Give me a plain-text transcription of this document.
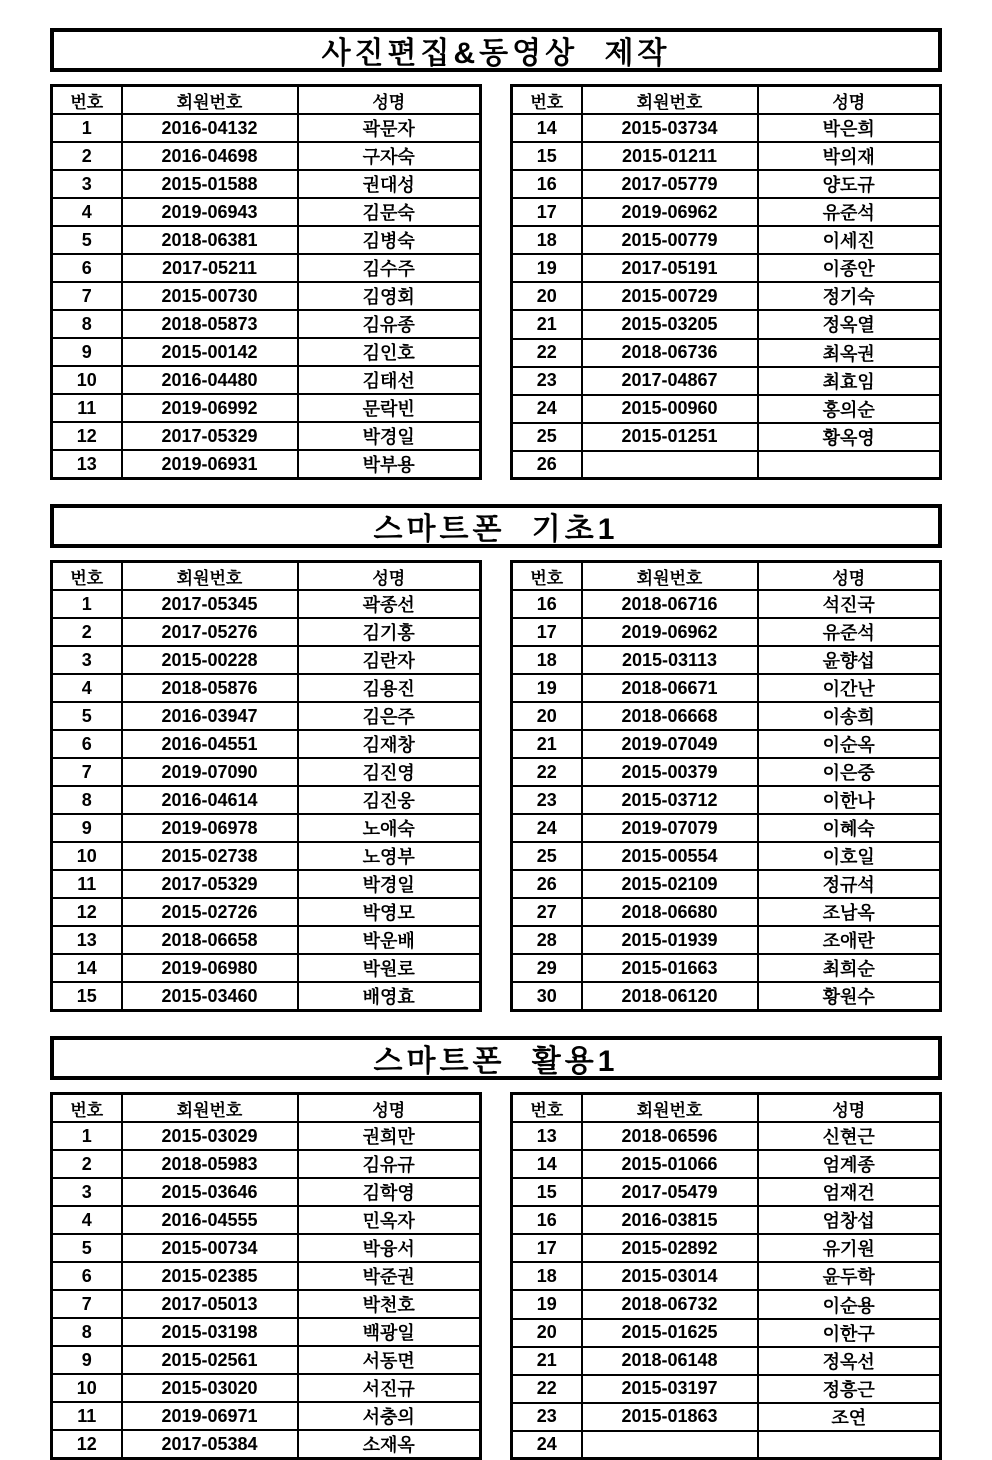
사진편집&동영상 제작
번호	회원번호	성명
1	2016-04132	곽문자
2	2016-04698	구자숙
3	2015-01588	권대성
4	2019-06943	김문숙
5	2018-06381	김병숙
6	2017-05211	김수주
7	2015-00730	김영회
8	2018-05873	김유종
9	2015-00142	김인호
10	2016-04480	김태선
11	2019-06992	문락빈
12	2017-05329	박경일
13	2019-06931	박부용
번호	회원번호	성명
14	2015-03734	박은희
15	2015-01211	박의재
16	2017-05779	양도규
17	2019-06962	유준석
18	2015-00779	이세진
19	2017-05191	이종안
20	2015-00729	정기숙
21	2015-03205	정옥열
22	2018-06736	최옥권
23	2017-04867	최효임
24	2015-00960	홍의순
25	2015-01251	황옥영
26		
스마트폰 기초1
번호	회원번호	성명
1	2017-05345	곽종선
2	2017-05276	김기홍
3	2015-00228	김란자
4	2018-05876	김용진
5	2016-03947	김은주
6	2016-04551	김재창
7	2019-07090	김진영
8	2016-04614	김진웅
9	2019-06978	노애숙
10	2015-02738	노영부
11	2017-05329	박경일
12	2015-02726	박영모
13	2018-06658	박운배
14	2019-06980	박원로
15	2015-03460	배영효
번호	회원번호	성명
16	2018-06716	석진국
17	2019-06962	유준석
18	2015-03113	윤향섭
19	2018-06671	이간난
20	2018-06668	이송희
21	2019-07049	이순옥
22	2015-00379	이은중
23	2015-03712	이한나
24	2019-07079	이혜숙
25	2015-00554	이호일
26	2015-02109	정규석
27	2018-06680	조남옥
28	2015-01939	조애란
29	2015-01663	최희순
30	2018-06120	황원수
스마트폰 활용1
번호	회원번호	성명
1	2015-03029	권희만
2	2018-05983	김유규
3	2015-03646	김학영
4	2016-04555	민옥자
5	2015-00734	박융서
6	2015-02385	박준권
7	2017-05013	박천호
8	2015-03198	백광일
9	2015-02561	서동면
10	2015-03020	서진규
11	2019-06971	서충의
12	2017-05384	소재옥
번호	회원번호	성명
13	2018-06596	신현근
14	2015-01066	엄계종
15	2017-05479	엄재건
16	2016-03815	엄창섭
17	2015-02892	유기원
18	2015-03014	윤두학
19	2018-06732	이순용
20	2015-01625	이한구
21	2018-06148	정옥선
22	2015-03197	정흥근
23	2015-01863	조연
24		
